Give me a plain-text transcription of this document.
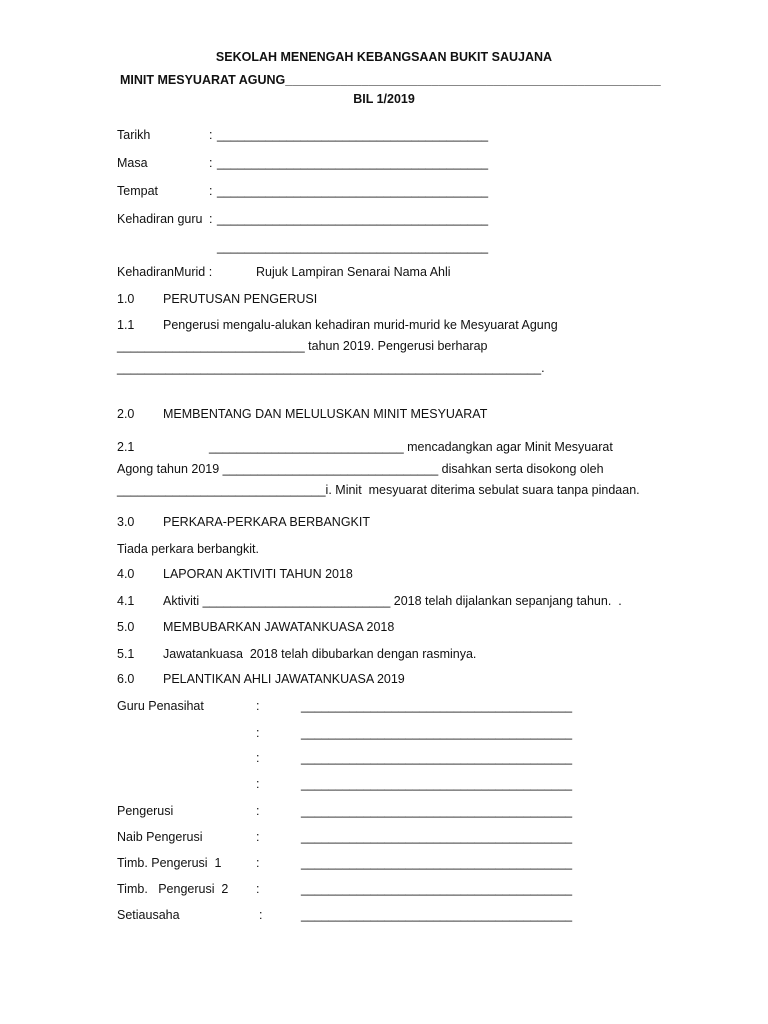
SEKOLAH MENENGAH KEBANGSAAN BUKIT SAUJANA
MINIT MESYUARAT AGUNG______________________________________________________
BIL 1/2019
Tarikh	: _______________________________________
Masa	: _______________________________________
Tempat	: _______________________________________
Kehadiran guru : _______________________________________
_______________________________________
KehadiranMurid :	Rujuk Lampiran Senarai Nama Ahli
1.0 PERUTUSAN PENGERUSI
1.1 Pengerusi mengalu-alukan kehadiran murid-murid ke Mesyuarat Agung
___________________________ tahun 2019. Pengerusi berharap
_____________________________________________________________.
2.0 MEMBENTANG DAN MELULUSKAN MINIT MESYUARAT
2.1	____________________________ mencadangkan agar Minit Mesyuarat
Agong tahun 2019 _______________________________ disahkan serta disokong oleh
______________________________i. Minit  mesyuarat diterima sebulat suara tanpa pindaan.
3.0 PERKARA-PERKARA BERBANGKIT
Tiada perkara berbangkit.
4.0 LAPORAN AKTIVITI TAHUN 2018
4.1 Aktiviti ___________________________ 2018 telah dijalankan sepanjang tahun.  .
5.0 MEMBUBARKAN JAWATANKUASA 2018
5.1 Jawatankuasa  2018 telah dibubarkan dengan rasminya.
6.0 PELANTIKAN AHLI JAWATANKUASA 2019
Guru Penasihat	:	_______________________________________
:	_______________________________________
:	_______________________________________
:	_______________________________________
Pengerusi	:	_______________________________________
Naib Pengerusi	:	_______________________________________
Timb. Pengerusi  1	:	_______________________________________
Timb.   Pengerusi  2 :	_______________________________________
Setiausaha	:	_______________________________________
